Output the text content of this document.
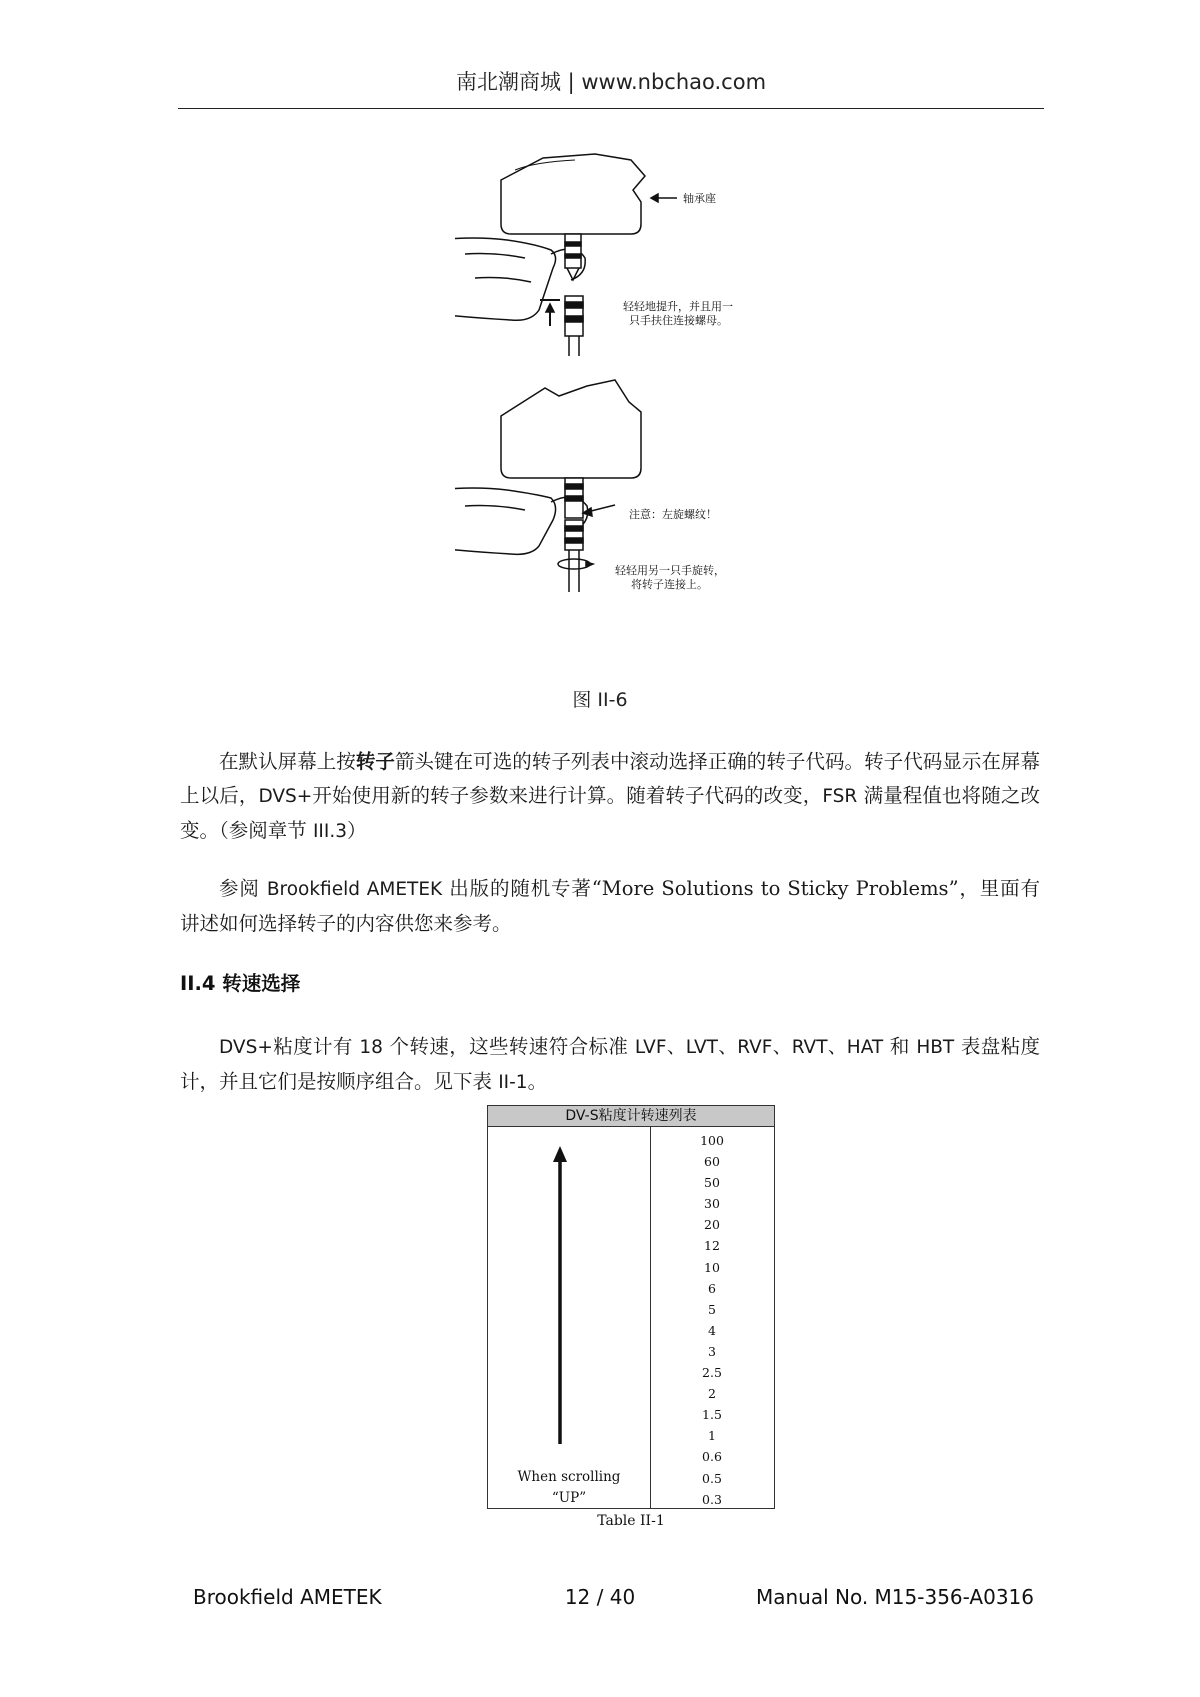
南北潮商城 | www.nbchao.com
轴承座
轻轻地提升，并且用一
只手扶住连接螺母。
注意：左旋螺纹！
轻轻用另一只手旋转，
将转子连接上。
图 II-6
在默认屏幕上按转子箭头键在可选的转子列表中滚动选择正确的转子代码。转子代码显示在屏幕上以后，DVS+开始使用新的转子参数来进行计算。随着转子代码的改变，FSR 满量程值也将随之改变。（参阅章节 III.3）
参阅 Brookfield AMETEK 出版的随机专著“More Solutions to Sticky Problems”，里面有讲述如何选择转子的内容供您来参考。
II.4 转速选择
DVS+粘度计有 18 个转速，这些转速符合标准 LVF、LVT、RVF、RVT、HAT 和 HBT 表盘粘度计，并且它们是按顺序组合。见下表 II-1。
DV-S粘度计转速列表
100
60
50
30
20
12
10
6
5
4
3
2.5
2
1.5
1
0.6
0.5
0.3
When scrolling
“UP”
Table II-1
Brookfield AMETEK	12 / 40	Manual No. M15-356-A0316
